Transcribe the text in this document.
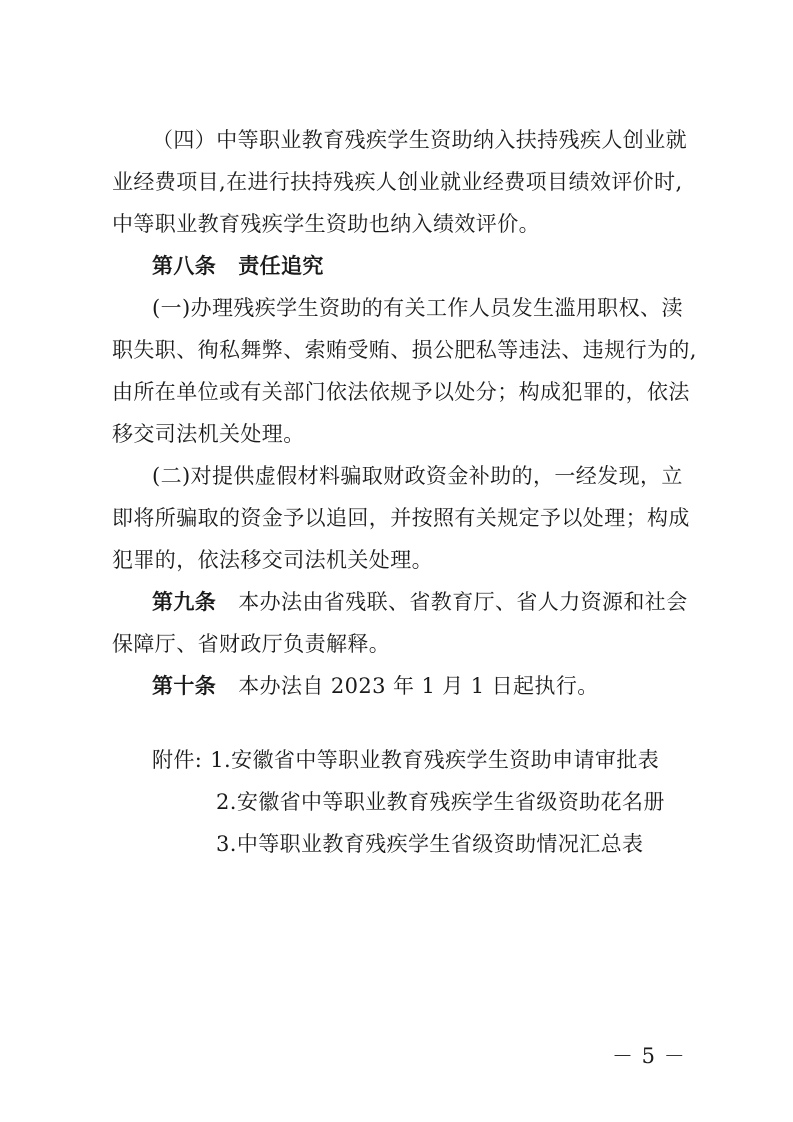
（四）中等职业教育残疾学生资助纳入扶持残疾人创业就
业经费项目,在进行扶持残疾人创业就业经费项目绩效评价时,
中等职业教育残疾学生资助也纳入绩效评价。
第八条 责任追究
(一)办理残疾学生资助的有关工作人员发生滥用职权、渎
职失职、徇私舞弊、索贿受贿、损公肥私等违法、违规行为的,
由所在单位或有关部门依法依规予以处分；构成犯罪的，依法
移交司法机关处理。
(二)对提供虚假材料骗取财政资金补助的，一经发现，立
即将所骗取的资金予以追回，并按照有关规定予以处理；构成
犯罪的，依法移交司法机关处理。
第九条 本办法由省残联、省教育厅、省人力资源和社会
保障厅、省财政厅负责解释。
第十条 本办法自 2023 年 1 月 1 日起执行。
附件: 1.安徽省中等职业教育残疾学生资助申请审批表
2.安徽省中等职业教育残疾学生省级资助花名册
3.中等职业教育残疾学生省级资助情况汇总表
－ 5 －
